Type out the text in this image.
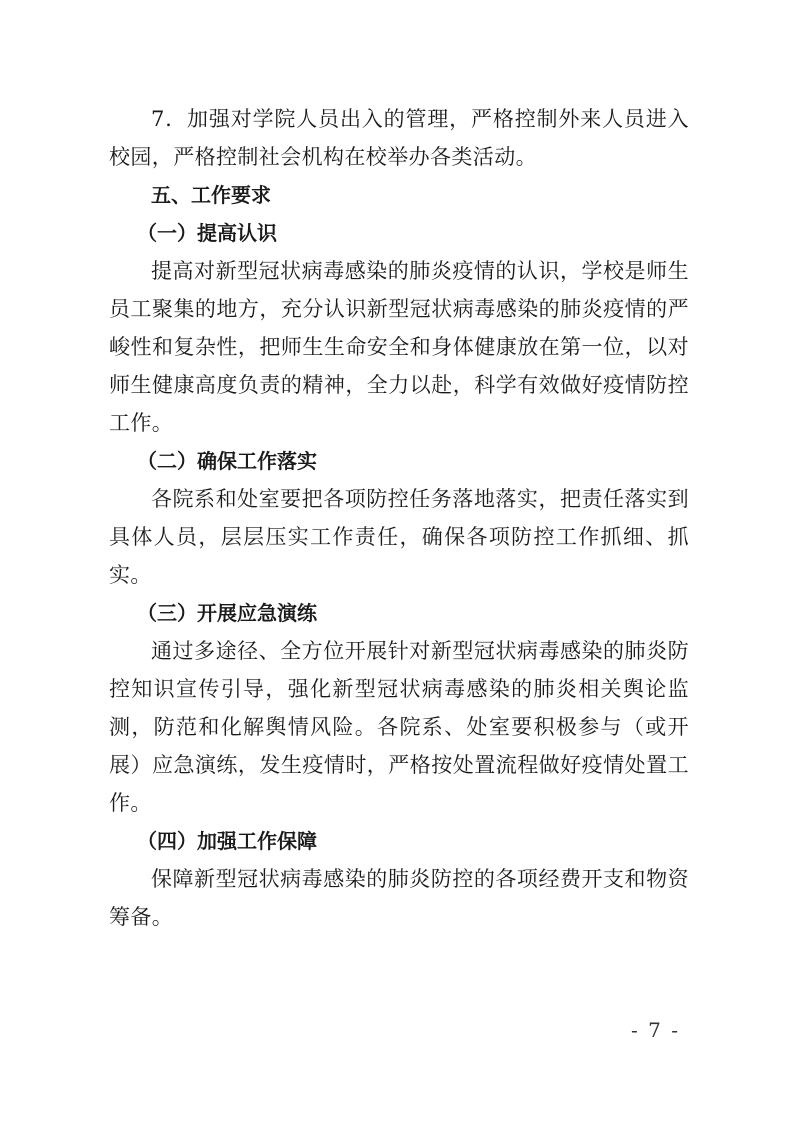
7．加强对学院人员出入的管理，严格控制外来人员进入校园，严格控制社会机构在校举办各类活动。

五、工作要求

（一）提高认识

提高对新型冠状病毒感染的肺炎疫情的认识，学校是师生员工聚集的地方，充分认识新型冠状病毒感染的肺炎疫情的严峻性和复杂性，把师生生命安全和身体健康放在第一位，以对师生健康高度负责的精神，全力以赴，科学有效做好疫情防控工作。

（二）确保工作落实

各院系和处室要把各项防控任务落地落实，把责任落实到具体人员，层层压实工作责任，确保各项防控工作抓细、抓实。

（三）开展应急演练

通过多途径、全方位开展针对新型冠状病毒感染的肺炎防控知识宣传引导，强化新型冠状病毒感染的肺炎相关舆论监测，防范和化解舆情风险。各院系、处室要积极参与（或开展）应急演练，发生疫情时，严格按处置流程做好疫情处置工作。

（四）加强工作保障

保障新型冠状病毒感染的肺炎防控的各项经费开支和物资筹备。

- 7 -
